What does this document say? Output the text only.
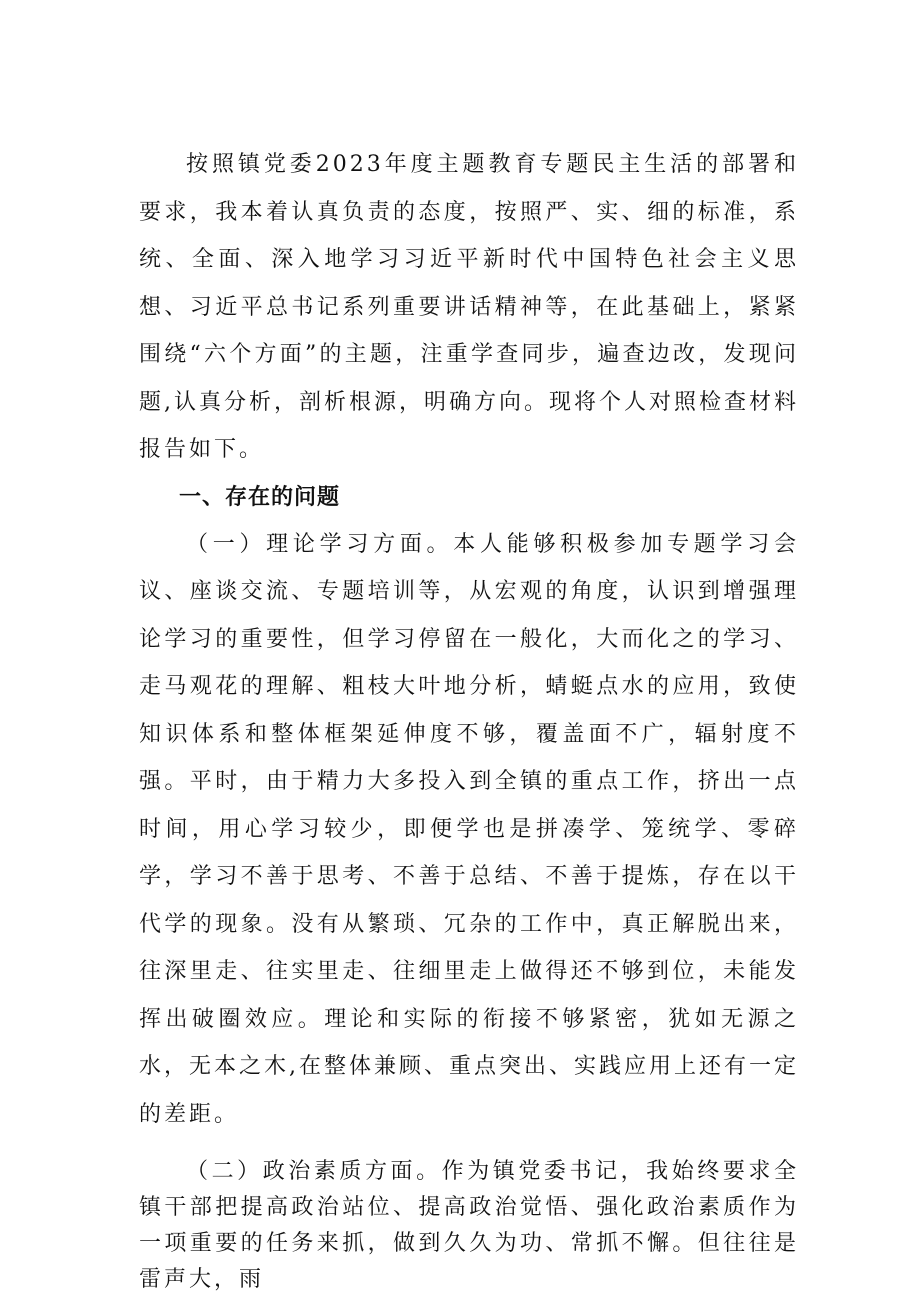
按照镇党委2023年度主题教育专题民主生活的部署和要求，我本着认真负责的态度，按照严、实、细的标准，系统、全面、深入地学习习近平新时代中国特色社会主义思想、习近平总书记系列重要讲话精神等，在此基础上，紧紧围绕“六个方面”的主题，注重学查同步，遍查边改，发现问题,认真分析，剖析根源，明确方向。现将个人对照检查材料报告如下。

一、存在的问题

（一）理论学习方面。本人能够积极参加专题学习会议、座谈交流、专题培训等，从宏观的角度，认识到增强理论学习的重要性，但学习停留在一般化，大而化之的学习、走马观花的理解、粗枝大叶地分析，蜻蜓点水的应用，致使知识体系和整体框架延伸度不够，覆盖面不广，辐射度不强。平时，由于精力大多投入到全镇的重点工作，挤出一点时间，用心学习较少，即便学也是拼凑学、笼统学、零碎学，学习不善于思考、不善于总结、不善于提炼，存在以干代学的现象。没有从繁琐、冗杂的工作中，真正解脱出来，往深里走、往实里走、往细里走上做得还不够到位，未能发挥出破圈效应。理论和实际的衔接不够紧密，犹如无源之水，无本之木,在整体兼顾、重点突出、实践应用上还有一定的差距。

（二）政治素质方面。作为镇党委书记，我始终要求全镇干部把提高政治站位、提高政治觉悟、强化政治素质作为一项重要的任务来抓，做到久久为功、常抓不懈。但往往是雷声大，雨
